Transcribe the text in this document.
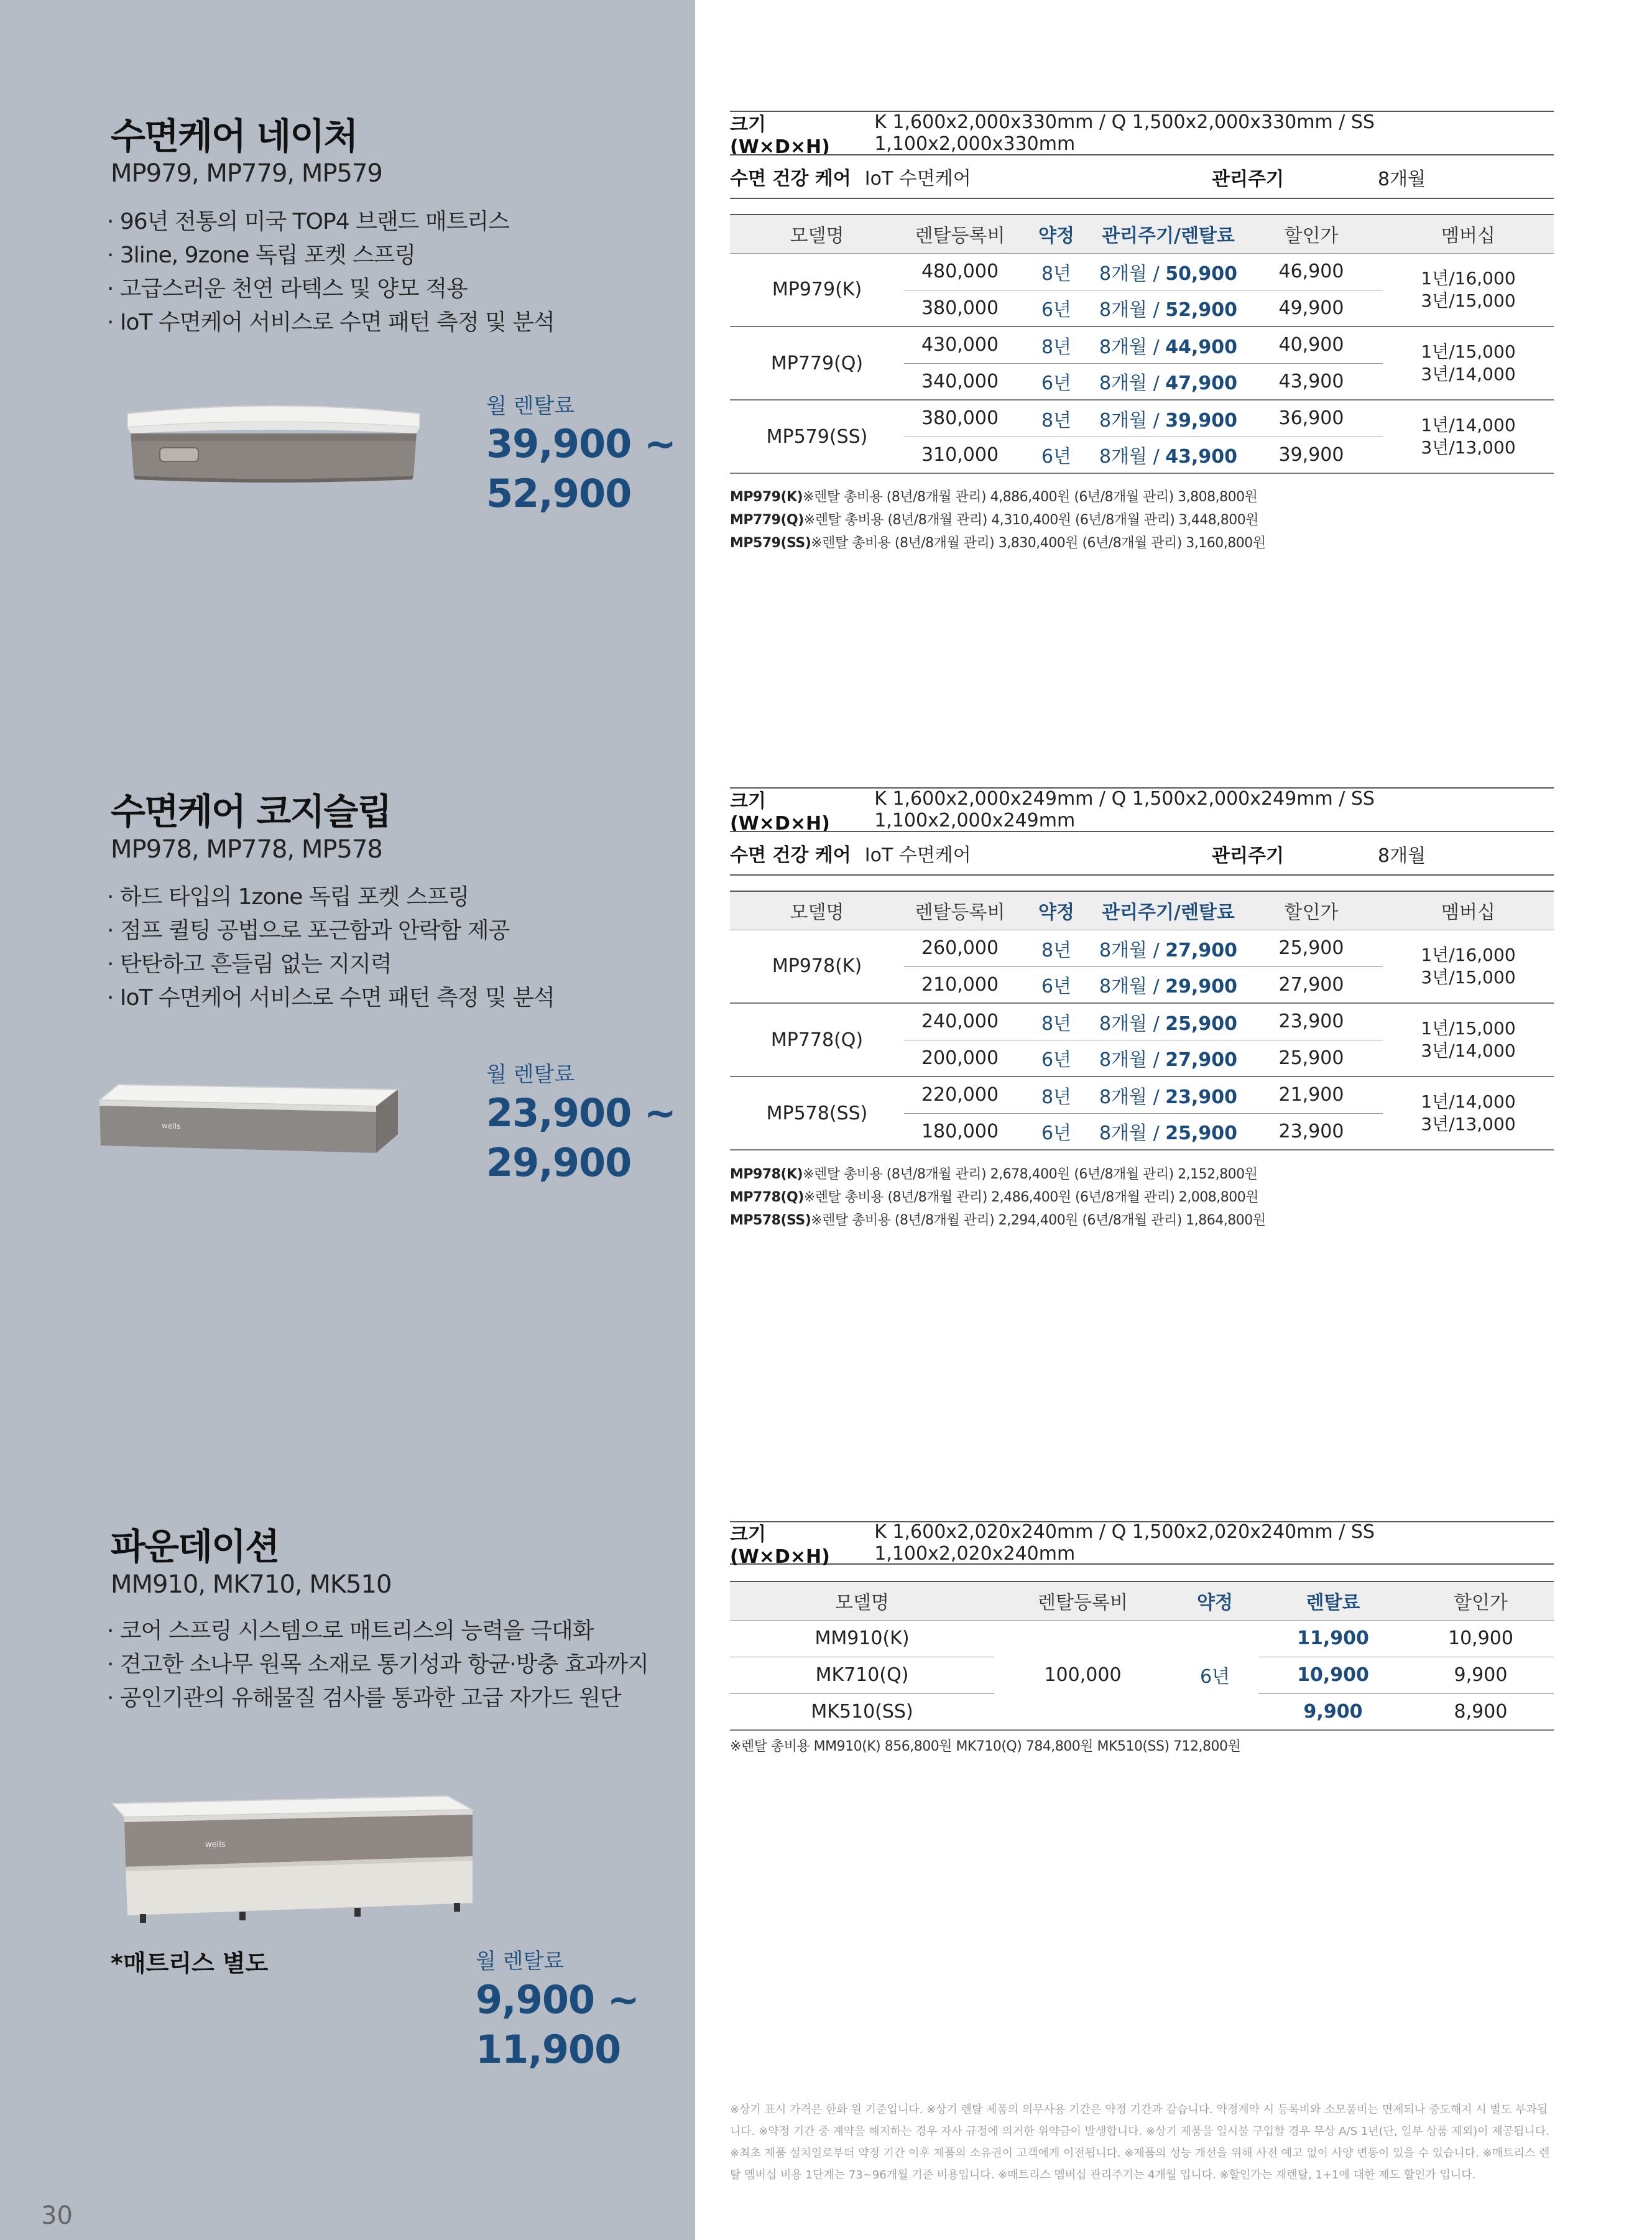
수면케어 네이처
MP979, MP779, MP579
· 96년 전통의 미국 TOP4 브랜드 매트리스
· 3line, 9zone 독립 포켓 스프링
· 고급스러운 천연 라텍스 및 양모 적용
· IoT 수면케어 서비스로 수면 패턴 측정 및 분석
월 렌탈료
39,900 ~
52,900
크기(W×D×H)
K 1,600x2,000x330mm / Q 1,500x2,000x330mm / SS 1,100x2,000x330mm
수면 건강 케어 IoT 수면케어	관리주기	8개월
모델명	렌탈등록비	약정	관리주기/렌탈료	할인가	멤버십
MP979(K)	480,000	8년	8개월 / 50,900	46,900	1년/16,000
3년/15,000

	380,000	6년	8개월 / 52,900	49,900	
MP779(Q)	430,000	8년	8개월 / 44,900	40,900	1년/15,000
3년/14,000

	340,000	6년	8개월 / 47,900	43,900	
MP579(SS)	380,000	8년	8개월 / 39,900	36,900	1년/14,000
3년/13,000

	310,000	6년	8개월 / 43,900	39,900	
MP979(K)※렌탈 총비용 (8년/8개월 관리) 4,886,400원 (6년/8개월 관리) 3,808,800원
MP779(Q)※렌탈 총비용 (8년/8개월 관리) 4,310,400원 (6년/8개월 관리) 3,448,800원
MP579(SS)※렌탈 총비용 (8년/8개월 관리) 3,830,400원 (6년/8개월 관리) 3,160,800원
수면케어 코지슬립
MP978, MP778, MP578
· 하드 타입의 1zone 독립 포켓 스프링
· 점프 퀼팅 공법으로 포근함과 안락함 제공
· 탄탄하고 흔들림 없는 지지력
· IoT 수면케어 서비스로 수면 패턴 측정 및 분석
wells
월 렌탈료
23,900 ~
29,900
크기(W×D×H)
K 1,600x2,000x249mm / Q 1,500x2,000x249mm / SS 1,100x2,000x249mm
수면 건강 케어 IoT 수면케어	관리주기	8개월
모델명	렌탈등록비	약정	관리주기/렌탈료	할인가	멤버십
MP978(K)	260,000	8년	8개월 / 27,900	25,900	1년/16,000
3년/15,000

	210,000	6년	8개월 / 29,900	27,900	
MP778(Q)	240,000	8년	8개월 / 25,900	23,900	1년/15,000
3년/14,000

	200,000	6년	8개월 / 27,900	25,900	
MP578(SS)	220,000	8년	8개월 / 23,900	21,900	1년/14,000
3년/13,000

	180,000	6년	8개월 / 25,900	23,900	
MP978(K)※렌탈 총비용 (8년/8개월 관리) 2,678,400원 (6년/8개월 관리) 2,152,800원
MP778(Q)※렌탈 총비용 (8년/8개월 관리) 2,486,400원 (6년/8개월 관리) 2,008,800원
MP578(SS)※렌탈 총비용 (8년/8개월 관리) 2,294,400원 (6년/8개월 관리) 1,864,800원
파운데이션
MM910, MK710, MK510
· 코어 스프링 시스템으로 매트리스의 능력을 극대화
· 견고한 소나무 원목 소재로 통기성과 항균·방충 효과까지
· 공인기관의 유해물질 검사를 통과한 고급 자가드 원단
wells
*매트리스 별도	월 렌탈료
9,900 ~
11,900
크기(W×D×H)
K 1,600x2,020x240mm / Q 1,500x2,020x240mm / SS 1,100x2,020x240mm
모델명	렌탈등록비	약정	렌탈료	할인가
MM910(K)	100,000	6년	11,900	10,900
MK710(Q)			10,900	9,900
MK510(SS)			9,900	8,900
※렌탈 총비용 MM910(K) 856,800원 MK710(Q) 784,800원 MK510(SS) 712,800원
※상기 표시 가격은 한화 원 기준입니다. ※상기 렌탈 제품의 의무사용 기간은 약정 기간과 같습니다. 약정계약 시 등록비와 소모품비는 면제되나 중도해지 시 별도 부과됩니다. ※약정 기간 중 계약을 해지하는 경우 자사 규정에 의거한 위약금이 발생합니다. ※상기 제품을 일시불 구입할 경우 무상 A/S 1년(단, 일부 상품 제외)이 제공됩니다. ※최초 제품 설치일로부터 약정 기간 이후 제품의 소유권이 고객에게 이전됩니다. ※제품의 성능 개선을 위해 사전 예고 없이 사양 변동이 있을 수 있습니다. ※매트리스 렌탈 멤버십 비용 1단계는 73~96개월 기준 비용입니다. ※매트리스 멤버십 관리주기는 4개월 입니다. ※할인가는 재렌탈, 1+1에 대한 제도 할인가 입니다.
30
